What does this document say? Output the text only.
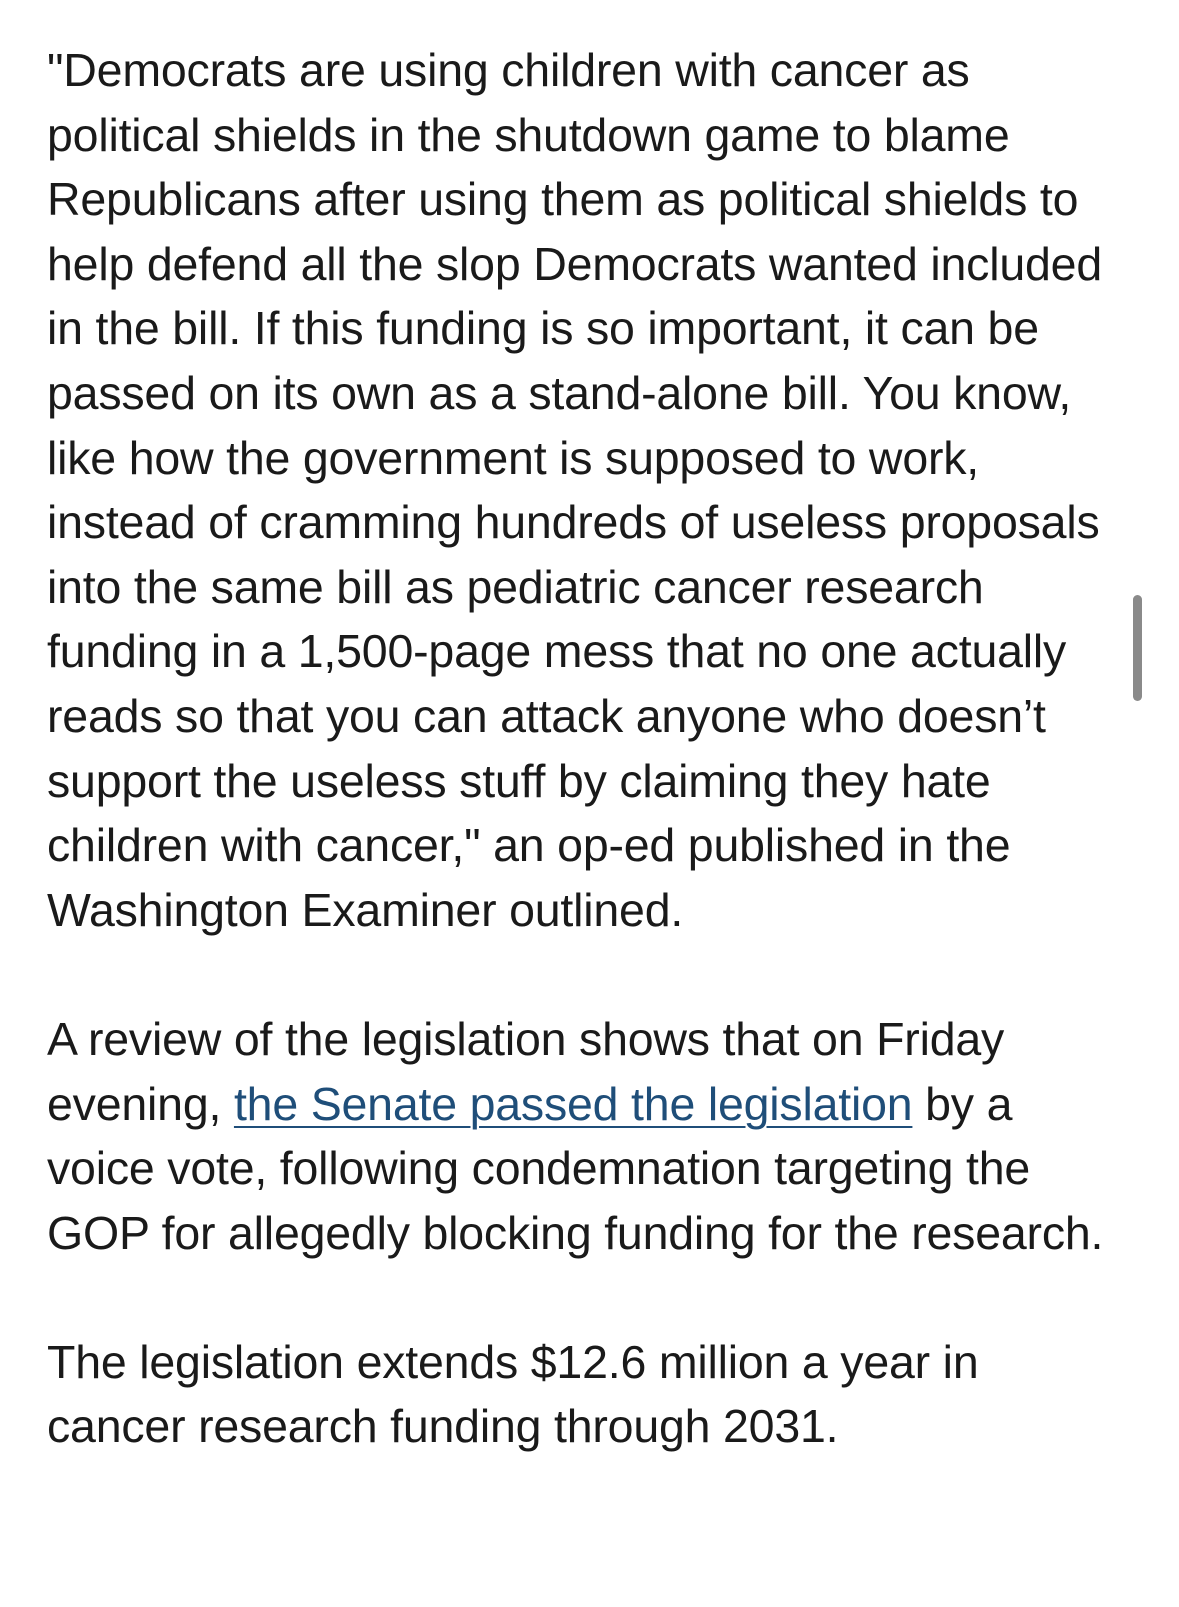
"Democrats are using children with cancer as political shields in the shutdown game to blame Republicans after using them as political shields to help defend all the slop Democrats wanted included in the bill. If this funding is so important, it can be passed on its own as a stand-alone bill. You know, like how the government is supposed to work, instead of cramming hundreds of useless proposals into the same bill as pediatric cancer research funding in a 1,500-page mess that no one actually reads so that you can attack anyone who doesn’t support the useless stuff by claiming they hate children with cancer," an op-ed published in the Washington Examiner outlined.

A review of the legislation shows that on Friday evening, the Senate passed the legislation by a voice vote, following condemnation targeting the GOP for allegedly blocking funding for the research.

The legislation extends $12.6 million a year in cancer research funding through 2031.
